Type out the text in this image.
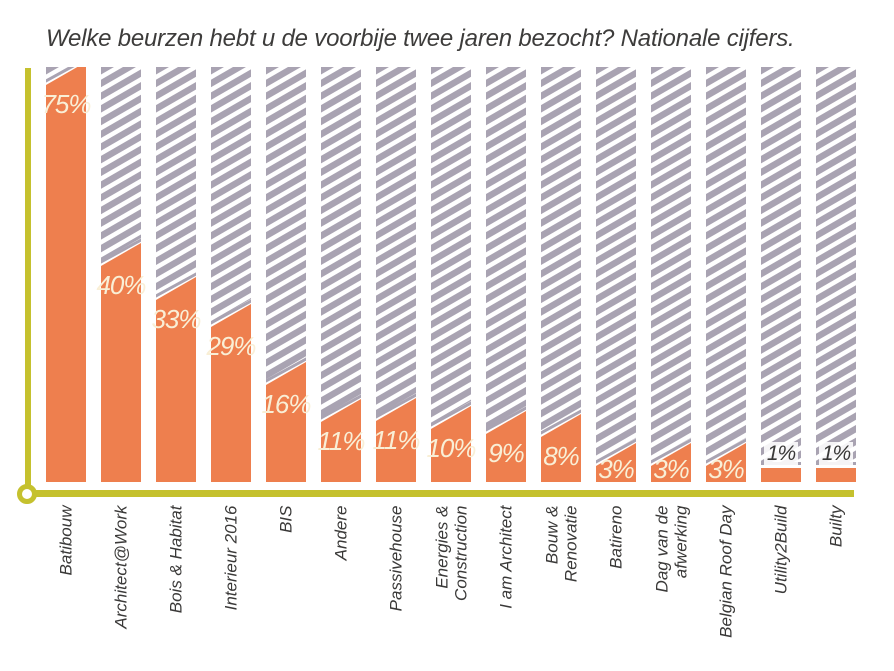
Welke beurzen hebt u de voorbije twee jaren bezocht? Nationale cijfers.
75%
Batibouw
40%
Architect@Work
33%
Bois & Habitat
29%
Interieur 2016
16%
BIS
11%
Andere
11%
Passivehouse
10%
Energies & Construction
9%
I am Architect
8%
Bouw & Renovatie
3%
Batireno
3%
Dag van de afwerking
3%
Belgian Roof Day
1%
Utility2Build
1%
Builty
